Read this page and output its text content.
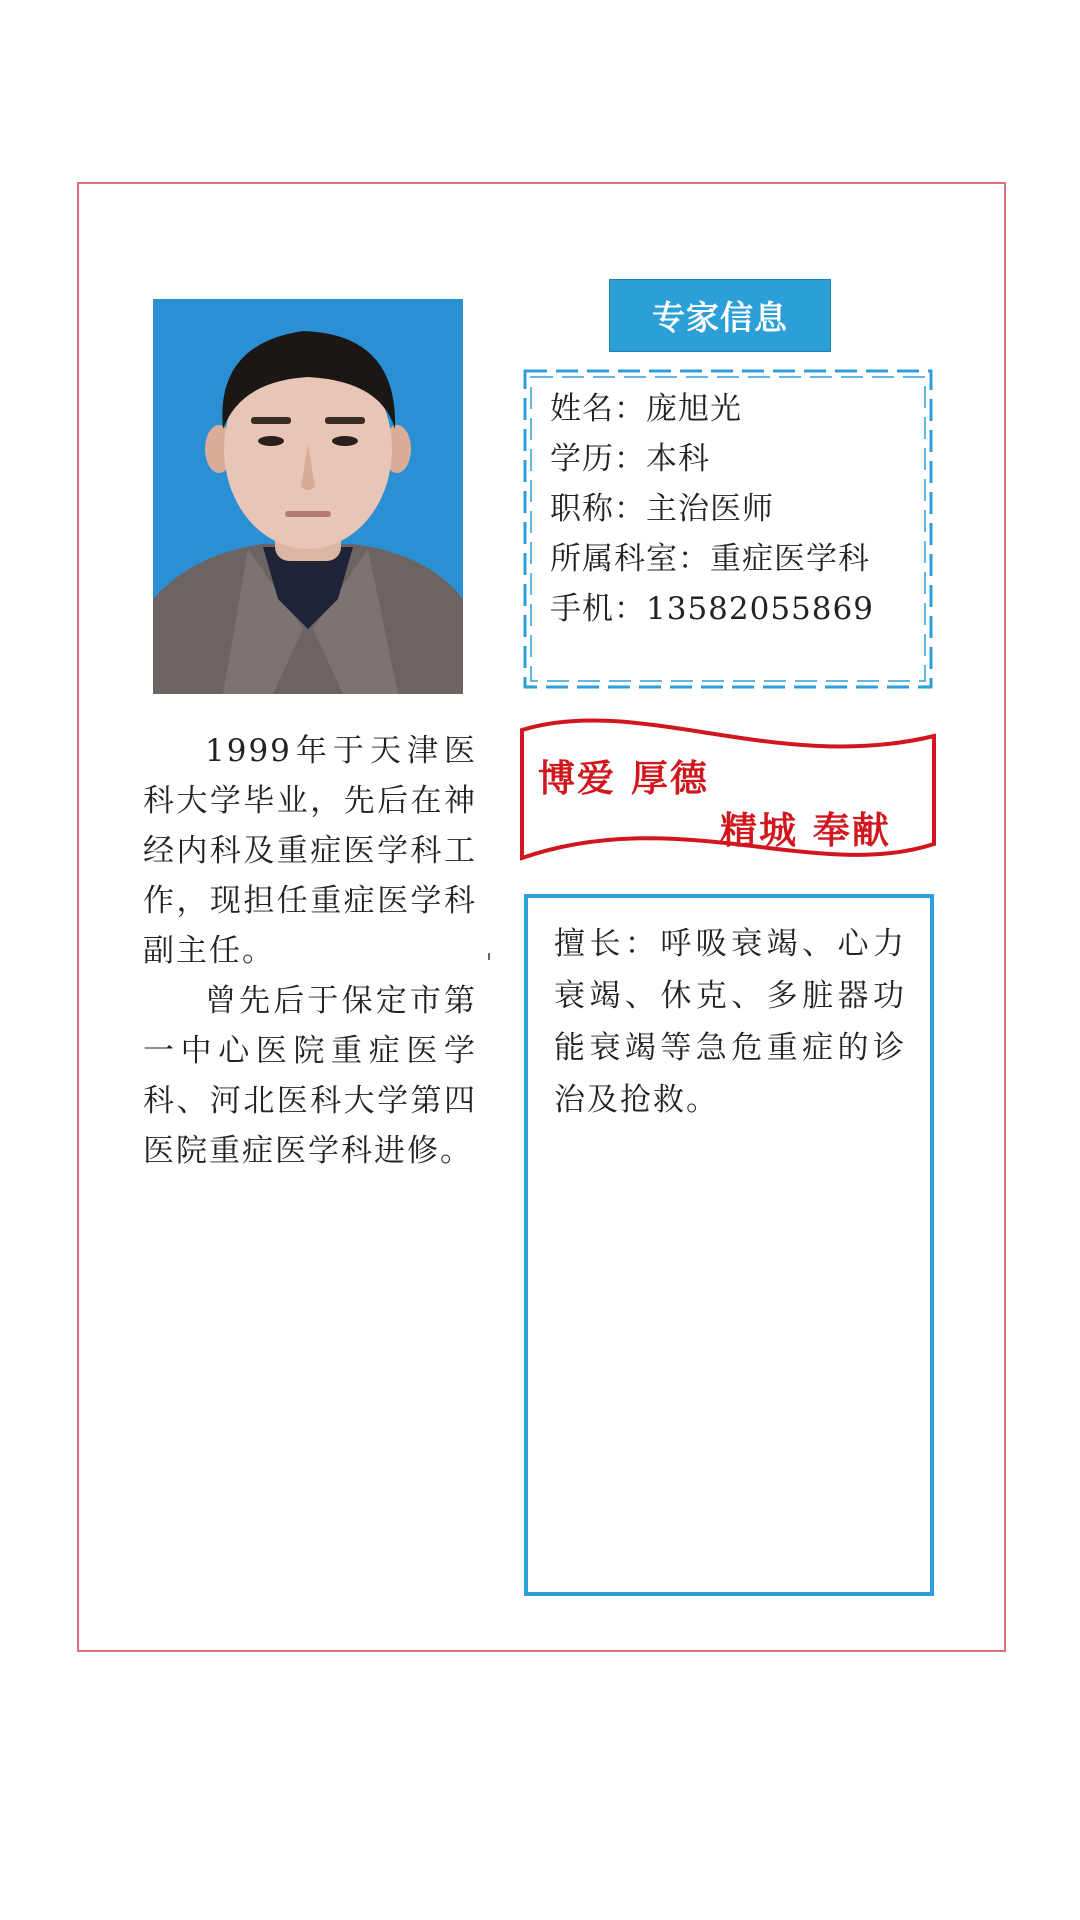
专家信息
姓名：庞旭光
学历：本科
职称：主治医师
所属科室：重症医学科
手机：13582055869

1999年于天津医科大学毕业，先后在神经内科及重症医学科工作，现担任重症医学科副主任。

曾先后于保定市第一中心医院重症医学科、河北医科大学第四医院重症医学科进修。

博爱 厚德
精城 奉献
擅长：呼吸衰竭、心力衰竭、休克、多脏器功能衰竭等急危重症的诊治及抢救。
